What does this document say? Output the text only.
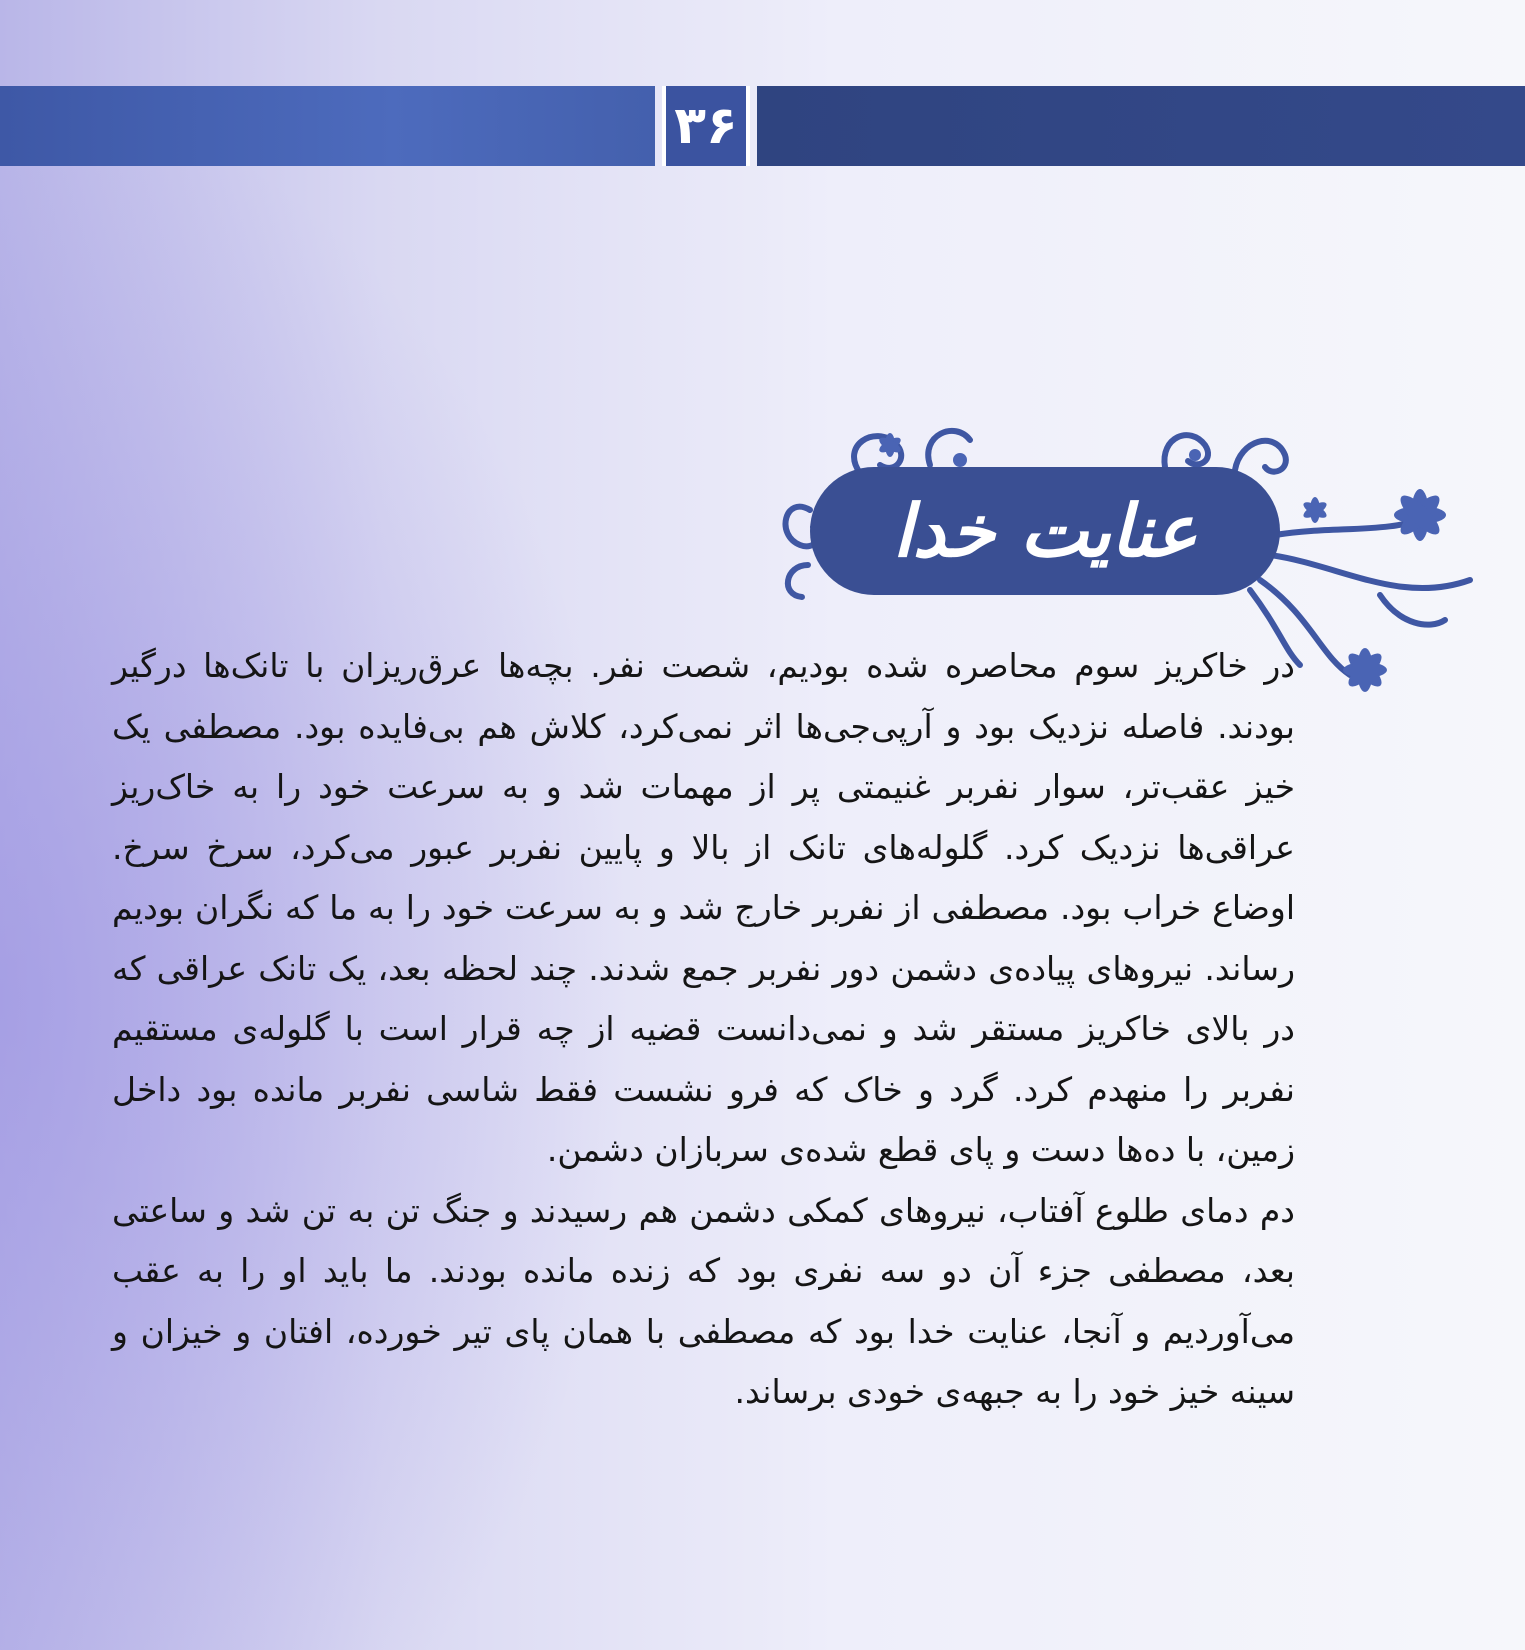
۳۶
عنایت خدا

در خاکریز سوم محاصره شده بودیم، شصت نفر. بچه‌ها عرق‌ریزان با تانک‌ها درگیر بودند. فاصله نزدیک بود و آرپی‌جی‌ها اثر نمی‌کرد، کلاش هم بی‌فایده بود. مصطفی یک خیز عقب‌تر، سوار نفربر غنیمتی پر از مهمات شد و به سرعت خود را به خاک‌ریز عراقی‌ها نزدیک کرد. گلوله‌های تانک از بالا و پایین نفربر عبور می‌کرد، سرخ سرخ. اوضاع خراب بود. مصطفی از نفربر خارج شد و به سرعت خود را به ما که نگران بودیم رساند. نیروهای پیاده‌ی دشمن دور نفربر جمع شدند. چند لحظه بعد، یک تانک عراقی که در بالای خاکریز مستقر شد و نمی‌دانست قضیه از چه قرار است با گلوله‌ی مستقیم نفربر را منهدم کرد. گرد و خاک که فرو نشست فقط شاسی نفربر مانده بود داخل زمین، با ده‌ها دست و پای قطع شده‌ی سربازان دشمن.

دم دمای طلوع آفتاب، نیروهای کمکی دشمن هم رسیدند و جنگ تن به تن شد و ساعتی بعد، مصطفی جزء آن دو سه نفری بود که زنده مانده بودند. ما باید او را به عقب می‌آوردیم و آنجا، عنایت خدا بود که مصطفی با همان پای تیر خورده، افتان و خیزان و سینه خیز خود را به جبهه‌ی خودی برساند.
